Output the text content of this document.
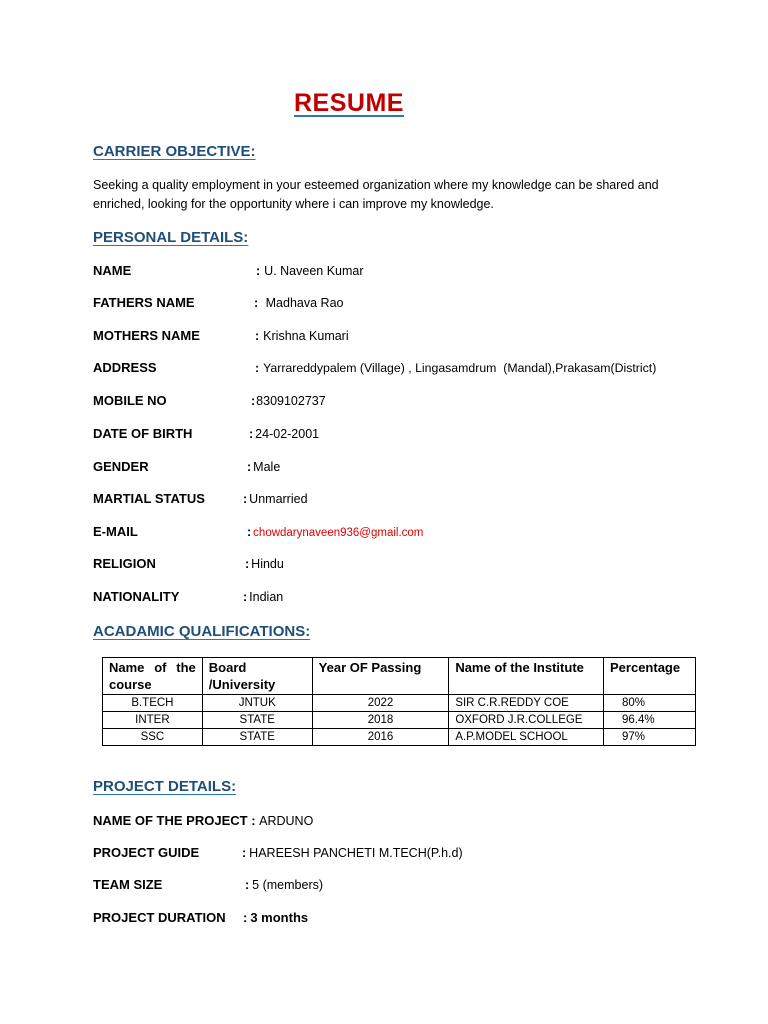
RESUME
CARRIER OBJECTIVE:
Seeking a quality employment in your esteemed organization where my knowledge can be shared and enriched, looking for the opportunity where i can improve my knowledge.
PERSONAL DETAILS:
NAME	: U. Naveen Kumar
FATHERS NAME	: Madhava Rao
MOTHERS NAME	: Krishna Kumari
ADDRESS	: Yarrareddypalem (Village) , Lingasamdrum  (Mandal),Prakasam(District)
MOBILE NO	:8309102737
DATE OF BIRTH	: 24-02-2001
GENDER	: Male
MARTIAL STATUS	: Unmarried
E-MAIL	: chowdarynaveen936@gmail.com
RELIGION	: Hindu
NATIONALITY	: Indian
ACADAMIC QUALIFICATIONS:
Name of the course	Board /University	Year OF Passing	Name of the Institute	Percentage
B.TECH	JNTUK	2022	SIR C.R.REDDY COE	80%
INTER	STATE	2018	OXFORD J.R.COLLEGE	96.4%
SSC	STATE	2016	A.P.MODEL SCHOOL	97%
PROJECT DETAILS:
NAME OF THE PROJECT : ARDUNO
PROJECT GUIDE	: HAREESH PANCHETI M.TECH(P.h.d)
TEAM SIZE	: 5 (members)
PROJECT DURATION : 3 months
